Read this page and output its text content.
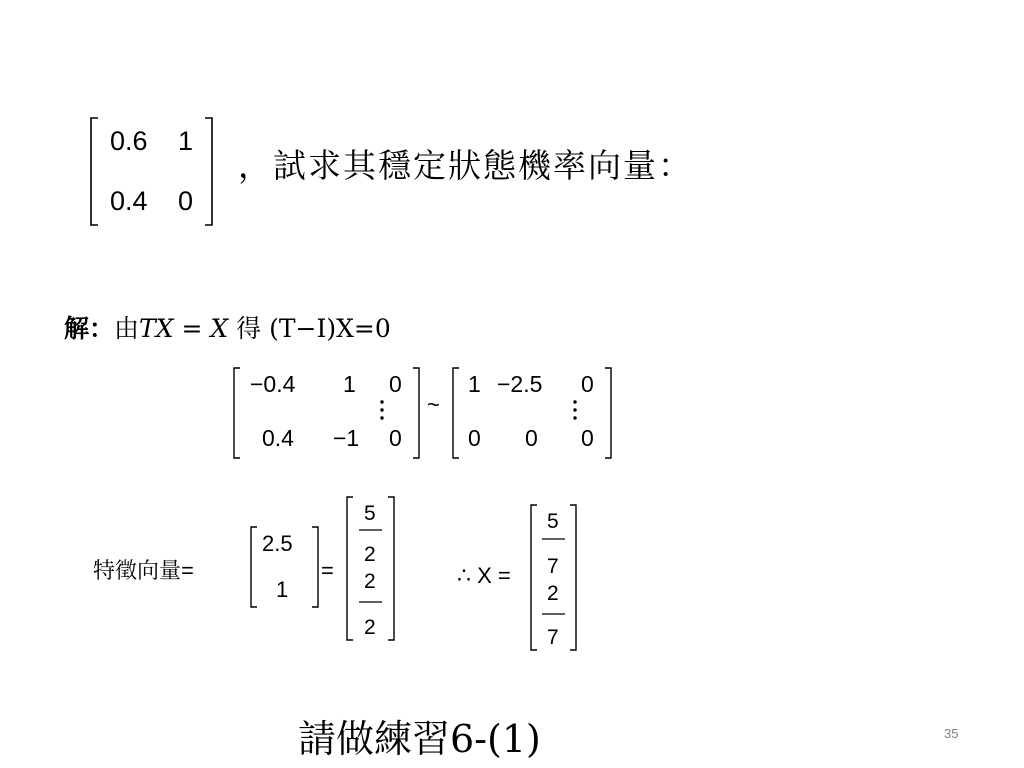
0.6 1
0.4 0
−0.4 1 0
0.4 −1 0
~
1 −2.5 0
0 0 0
特徵向量=
2.5
1
=
5
2
2
2
∴ X =
5
7
2
7
，試求其穩定狀態機率向量：
解：由TX = X 得 (T−I)X=0
請做練習6-(1)	35
